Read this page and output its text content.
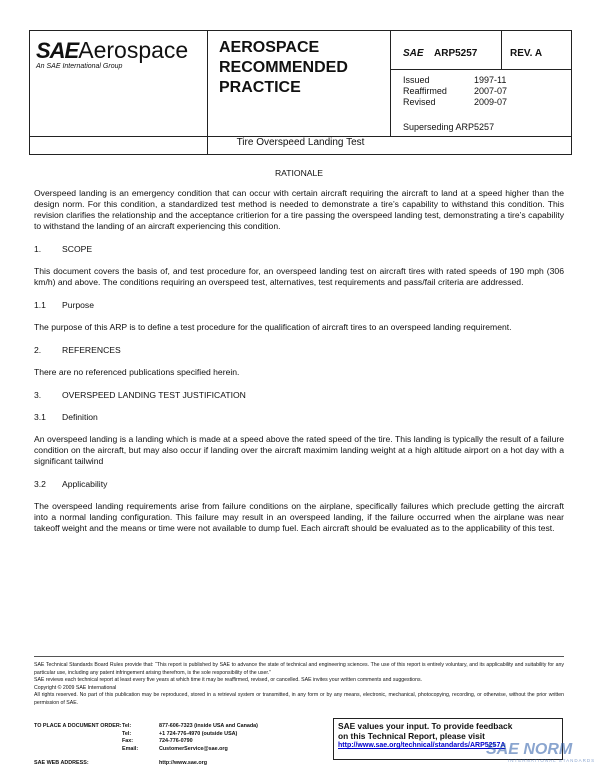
SAEAerospace
An SAE International Group
AEROSPACE
RECOMMENDED
PRACTICE
SAE ARP5257	REV. A
Issued	1997-11
Reaffirmed	2007-07
Revised	2009-07
Superseding ARP5257
Tire Overspeed Landing Test

RATIONALE

Overspeed landing is an emergency condition that can occur with certain aircraft requiring the aircraft to land at a speed higher than the design norm. For this condition, a standardized test method is needed to demonstrate a tire’s capability to withstand this condition. This revision clarifies the relationship and the acceptance critierion for a tire passing the overspeed landing test, demonstrating a tire’s capability to withstand the landing of an aircraft experiencing this condition.

1.	SCOPE

This document covers the basis of, and test procedure for, an overspeed landing test on aircraft tires with rated speeds of 190 mph (306 km/h) and above. The conditions requiring an overspeed test, alternatives, test requirements and pass/fail criteria are addressed.

1.1	Purpose

The purpose of this ARP is to define a test procedure for the qualification of aircraft tires to an overspeed landing requirement.

2.	REFERENCES

There are no referenced publications specified herein.

3.	OVERSPEED LANDING TEST JUSTIFICATION
3.1	Definition

An overspeed landing is a landing which is made at a speed above the rated speed of the tire. This landing is typically the result of a failure condition on the aircraft, but may also occur if landing over the aircraft maximim landing weight at a high altitude airport on a hot day with a significant tailwind

3.2	Applicability

The overspeed landing requirements arise from failure conditions on the airplane, specifically failures which preclude getting the aircraft into a normal landing configuration. This failure may result in an overspeed landing, if the failure occurred when the airplane was near takeoff weight and the means or time were not available to dump fuel. Each aircraft should be evaluated as to the applicability of this test.

SAE Technical Standards Board Rules provide that: “This report is published by SAE to advance the state of technical and engineering sciences. The use of this report is entirely voluntary, and its applicability and suitability for any particular use, including any patent infringement arising therefrom, is the sole responsibility of the user.”

SAE reviews each technical report at least every five years at which time it may be reaffirmed, revised, or cancelled. SAE invites your written comments and suggestions.

Copyright © 2009 SAE International

All rights reserved. No part of this publication may be reproduced, stored in a retrieval system or transmitted, in any form or by any means, electronic, mechanical, photocopying, recording, or otherwise, without the prior written permission of SAE.

TO PLACE A DOCUMENT ORDER: Tel:	877-606-7323 (inside USA and Canada)
Tel:	+1 724-776-4970 (outside USA)
Fax:	724-776-0790
Email:	CustomerService@sae.org
SAE WEB ADDRESS:	http://www.sae.org
SAE values your input. To provide feedback
on this Technical Report, please visit
http://www.sae.org/technical/standards/ARP5257A
SAE NORM
INTERNATIONAL STANDARDS
